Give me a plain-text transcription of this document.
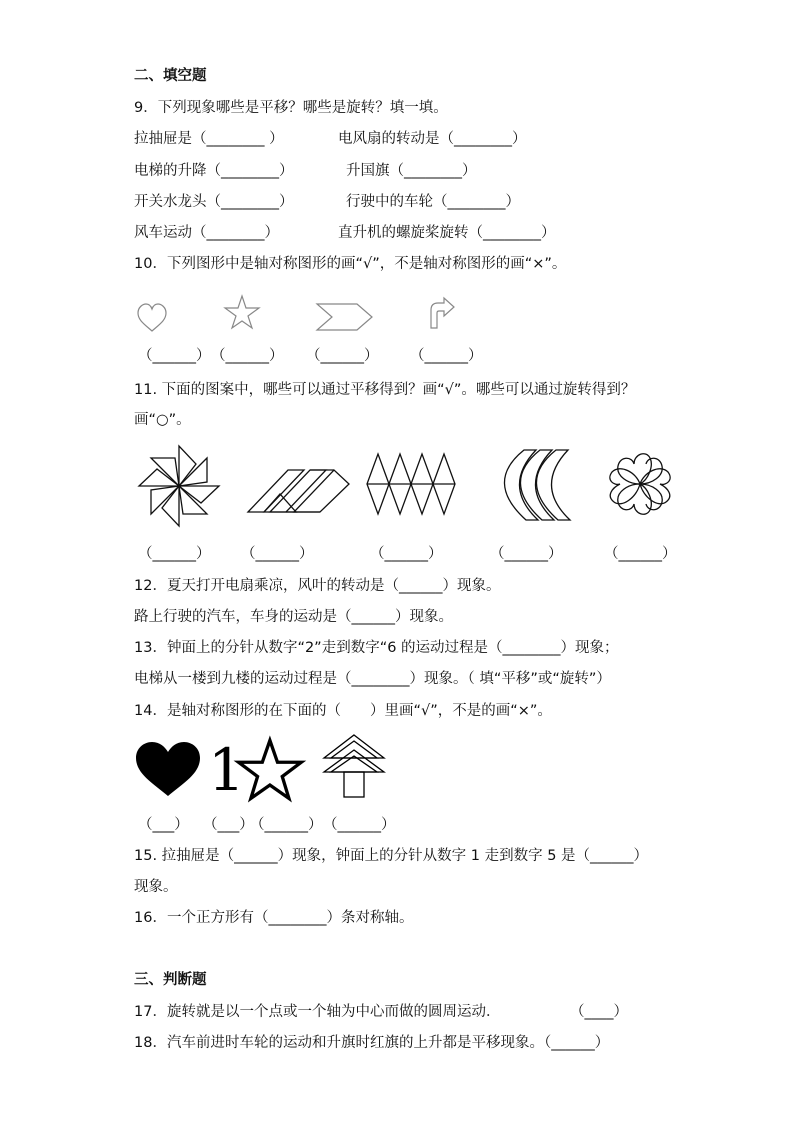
二、填空题
9．下列现象哪些是平移？哪些是旋转？填一填。
拉抽屉是（________ ）	电风扇的转动是（________）
电梯的升降（________）	升国旗（________）
开关水龙头（________）	行驶中的车轮（________）
风车运动（________）	直升机的螺旋桨旋转（________）
10．下列图形中是轴对称图形的画“√”，不是轴对称图形的画“×”。
（______） （______） （______） （______）
11. 下面的图案中，哪些可以通过平移得到？画“√”。哪些可以通过旋转得到？
画“○”。
（______） （______）	（______）	（______）	（______）
12．夏天打开电扇乘凉，风叶的转动是（______）现象。
路上行驶的汽车，车身的运动是（______）现象。
13．钟面上的分针从数字“2”走到数字“6 的运动过程是（________）现象；
电梯从一楼到九楼的运动过程是（________）现象。（ 填“平移”或“旋转”）
14．是轴对称图形的在下面的（　　）里画“√”，不是的画“×”。
1
（___） （___）
（______） （______）
15. 拉抽屉是（______）现象，钟面上的分针从数字 1 走到数字 5 是（______）
现象。
16．一个正方形有（________）条对称轴。
三、判断题
17．旋转就是以一个点或一个轴为中心而做的圆周运动．	（____）
18．汽车前进时车轮的运动和升旗时红旗的上升都是平移现象。（______）
